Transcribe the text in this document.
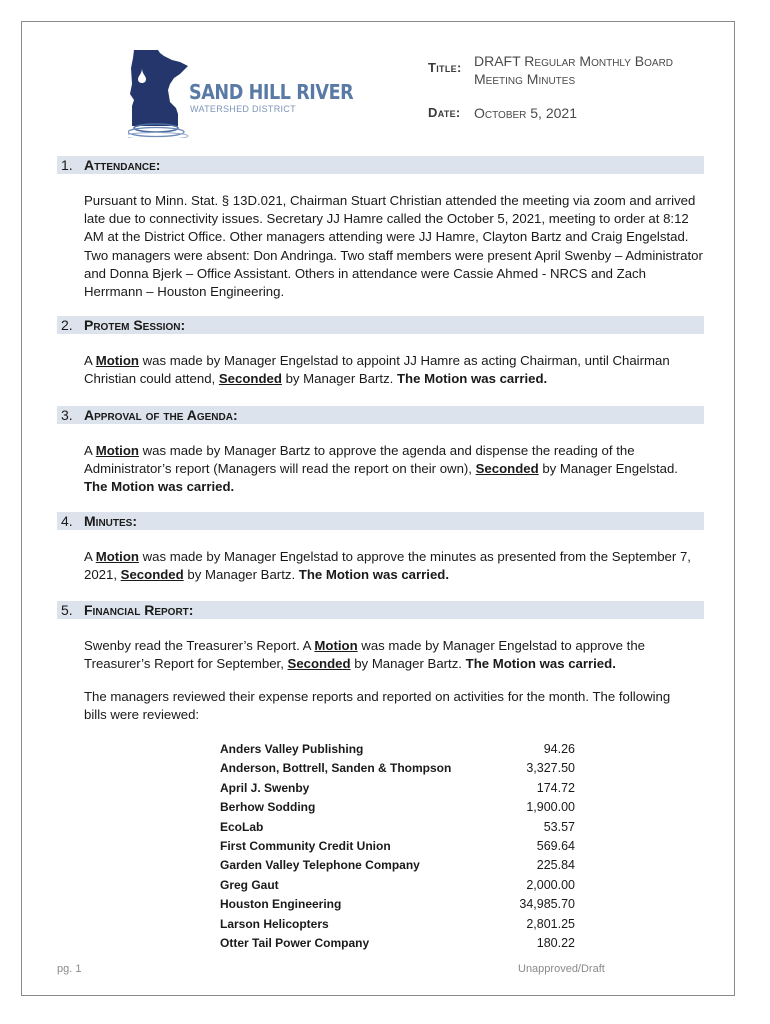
SAND HILL RIVER
WATERSHED DISTRICT
Title: DRAFT Regular Monthly Board
Meeting Minutes
Date: October 5, 2021
1. Attendance:
Pursuant to Minn. Stat. § 13D.021, Chairman Stuart Christian attended the meeting via zoom and arrived late due to connectivity issues. Secretary JJ Hamre called the October 5, 2021, meeting to order at 8:12 AM at the District Office. Other managers attending were JJ Hamre, Clayton Bartz and Craig Engelstad. Two managers were absent: Don Andringa. Two staff members were present April Swenby – Administrator and Donna Bjerk – Office Assistant. Others in attendance were Cassie Ahmed - NRCS and Zach Herrmann – Houston Engineering.
2. Protem Session:
A Motion was made by Manager Engelstad to appoint JJ Hamre as acting Chairman, until Chairman Christian could attend, Seconded by Manager Bartz. The Motion was carried.
3. Approval of the Agenda:
A Motion was made by Manager Bartz to approve the agenda and dispense the reading of the Administrator’s report (Managers will read the report on their own), Seconded by Manager Engelstad. The Motion was carried.
4. Minutes:
A Motion was made by Manager Engelstad to approve the minutes as presented from the September 7, 2021, Seconded by Manager Bartz. The Motion was carried.
5. Financial Report:
Swenby read the Treasurer’s Report. A Motion was made by Manager Engelstad to approve the Treasurer’s Report for September, Seconded by Manager Bartz. The Motion was carried.
The managers reviewed their expense reports and reported on activities for the month. The following bills were reviewed:
Anders Valley Publishing	94.26
Anderson, Bottrell, Sanden & Thompson	3,327.50
April J. Swenby	174.72
Berhow Sodding	1,900.00
EcoLab	53.57
First Community Credit Union	569.64
Garden Valley Telephone Company	225.84
Greg Gaut	2,000.00
Houston Engineering	34,985.70
Larson Helicopters	2,801.25
Otter Tail Power Company	180.22
pg. 1	Unapproved/Draft
